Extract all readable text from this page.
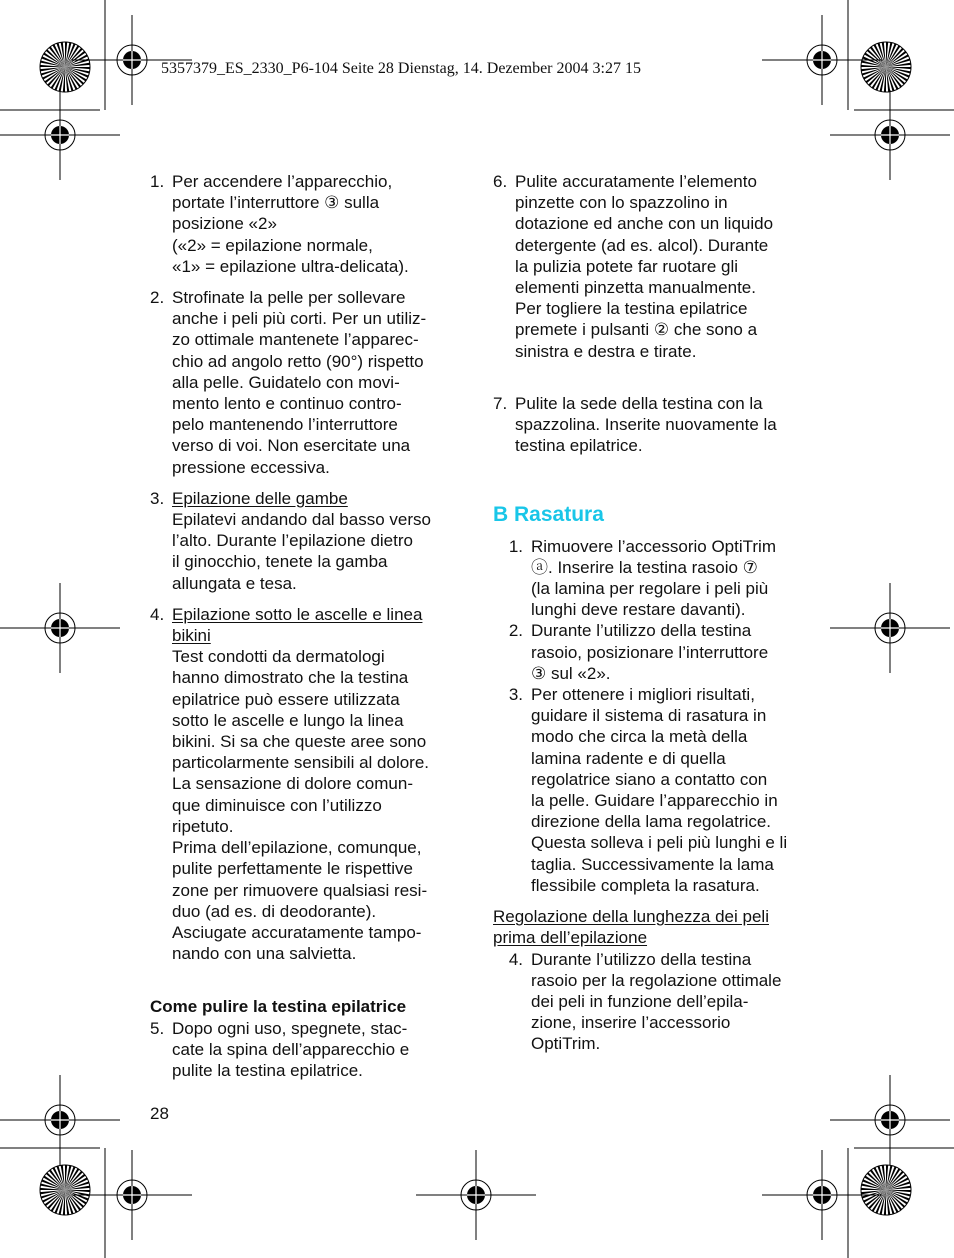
5357379_ES_2330_P6-104 Seite 28 Dienstag, 14. Dezember 2004 3:27 15
1. Per accendere l’apparecchio,
portate l’interruttore ③ sulla
posizione «2»
(«2» = epilazione normale,
«1» = epilazione ultra-delicata).
2. Strofinate la pelle per sollevare
anche i peli più corti. Per un utiliz-
zo ottimale mantenete l’apparec-
chio ad angolo retto (90°) rispetto
alla pelle. Guidatelo con movi-
mento lento e continuo contro-
pelo mantenendo l’interruttore
verso di voi. Non esercitate una
pressione eccessiva.
3. Epilazione delle gambe
Epilatevi andando dal basso verso
l’alto. Durante l’epilazione dietro
il ginocchio, tenete la gamba
allungata e tesa.
4. Epilazione sotto le ascelle e linea
bikini
Test condotti da dermatologi
hanno dimostrato che la testina
epilatrice può essere utilizzata
sotto le ascelle e lungo la linea
bikini. Si sa che queste aree sono
particolarmente sensibili al dolore.
La sensazione di dolore comun-
que diminuisce con l’utilizzo
ripetuto.
Prima dell’epilazione, comunque,
pulite perfettamente le rispettive
zone per rimuovere qualsiasi resi-
duo (ad es. di deodorante).
Asciugate accuratamente tampo-
nando con una salvietta.
Come pulire la testina epilatrice
5. Dopo ogni uso, spegnete, stac-
cate la spina dell’apparecchio e
pulite la testina epilatrice.
6. Pulite accuratamente l’elemento
pinzette con lo spazzolino in
dotazione ed anche con un liquido
detergente (ad es. alcol). Durante
la pulizia potete far ruotare gli
elementi pinzetta manualmente.
Per togliere la testina epilatrice
premete i pulsanti ② che sono a
sinistra e destra e tirate.
7. Pulite la sede della testina con la
spazzolina. Inserite nuovamente la
testina epilatrice.
B Rasatura
1. Rimuovere l’accessorio OptiTrim
ⓐ. Inserire la testina rasoio ⑦
(la lamina per regolare i peli più
lunghi deve restare davanti).
2. Durante l’utilizzo della testina
rasoio, posizionare l’interruttore
③ sul «2».
3. Per ottenere i migliori risultati,
guidare il sistema di rasatura in
modo che circa la metà della
lamina radente e di quella
regolatrice siano a contatto con
la pelle. Guidare l’apparecchio in
direzione della lama regolatrice.
Questa solleva i peli più lunghi e li
taglia. Successivamente la lama
flessibile completa la rasatura.
Regolazione della lunghezza dei peli
prima dell’epilazione
4. Durante l’utilizzo della testina
rasoio per la regolazione ottimale
dei peli in funzione dell’epila-
zione, inserire l’accessorio
OptiTrim.
28
